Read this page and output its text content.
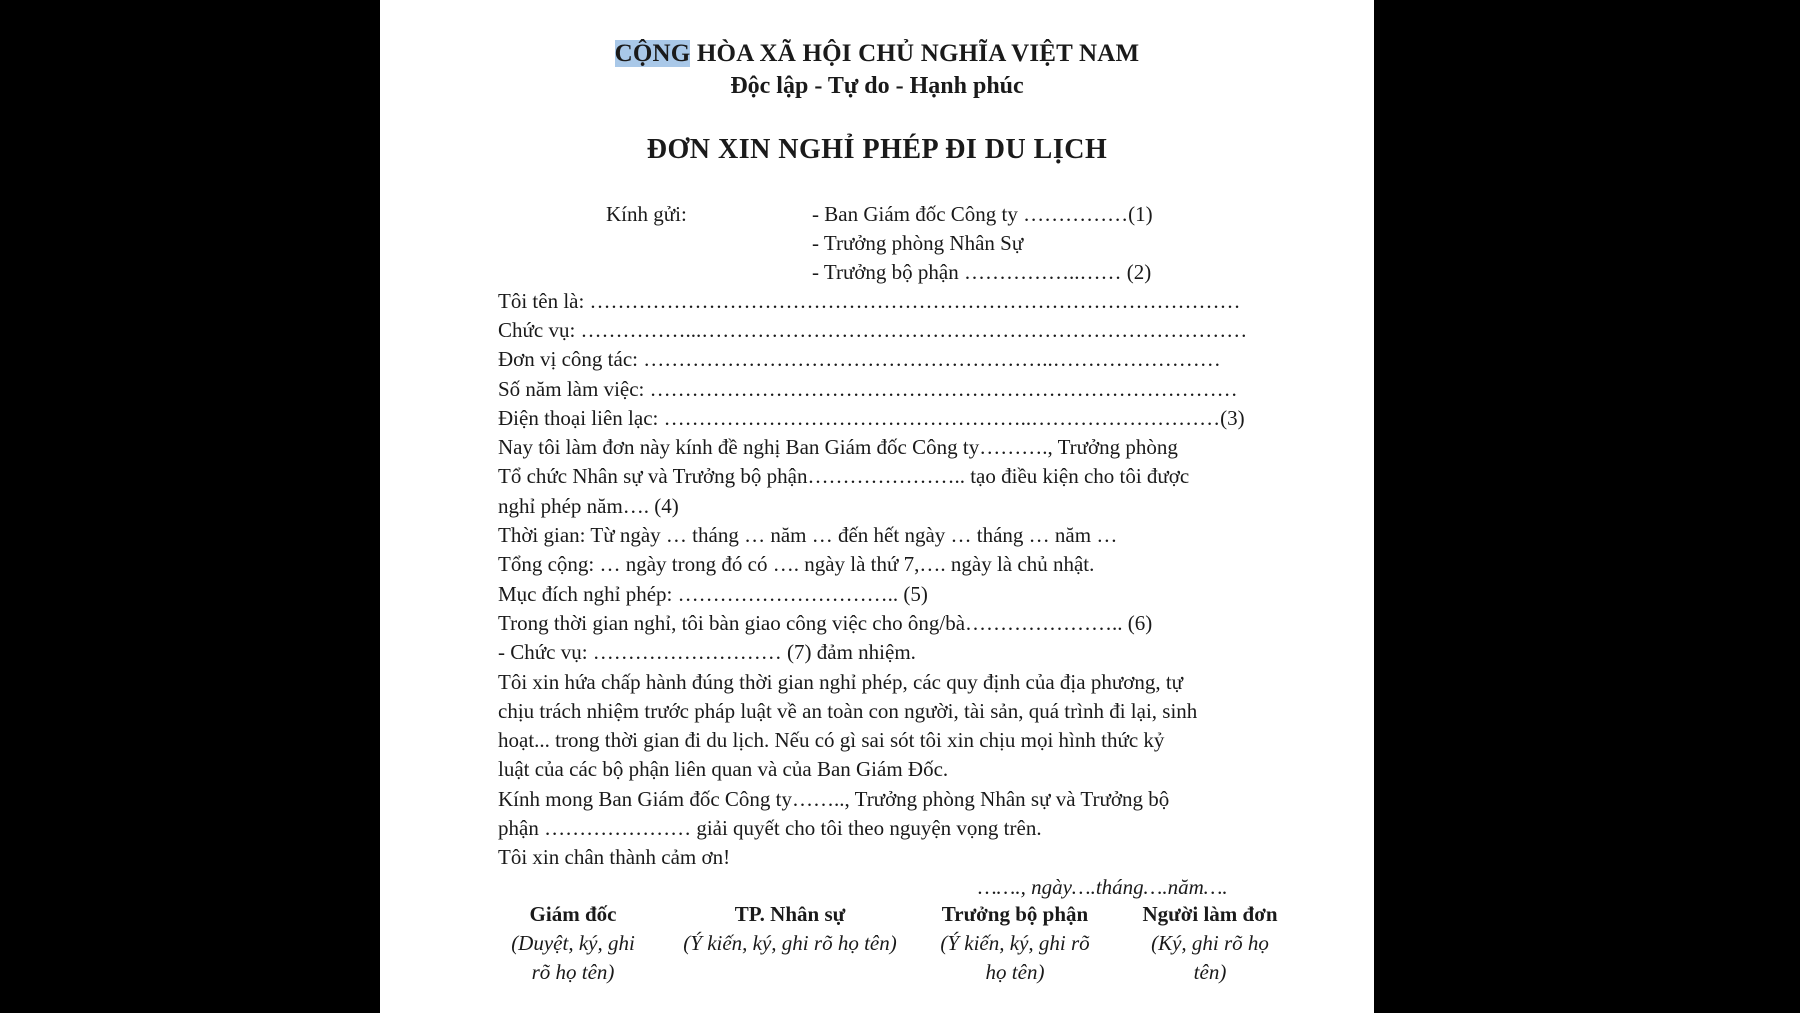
CỘNG HÒA XÃ HỘI CHỦ NGHĨA VIỆT NAM
Độc lập - Tự do - Hạnh phúc
ĐƠN XIN NGHỈ PHÉP ĐI DU LỊCH
Kính gửi:	- Ban Giám đốc Công ty ……………(1)
- Trưởng phòng Nhân Sự
- Trưởng bộ phận ……………..…… (2)
Tôi tên là: …………………………………………………………………………………
Chức vụ: ……………...……………………………………………………………………
Đơn vị công tác: …………………………………………………..……………………
Số năm làm việc: …………………………………………………………………………
Điện thoại liên lạc: ……………………………………………..………………………(3)
Nay tôi làm đơn này kính đề nghị Ban Giám đốc Công ty………., Trưởng phòng
Tổ chức Nhân sự và Trưởng bộ phận………………….. tạo điều kiện cho tôi được
nghỉ phép năm…. (4)
Thời gian: Từ ngày … tháng … năm … đến hết ngày … tháng … năm …
Tổng cộng: … ngày trong đó có …. ngày là thứ 7,…. ngày là chủ nhật.
Mục đích nghỉ phép: ………………………….. (5)
Trong thời gian nghỉ, tôi bàn giao công việc cho ông/bà………………….. (6)
- Chức vụ: ……………………… (7) đảm nhiệm.
Tôi xin hứa chấp hành đúng thời gian nghỉ phép, các quy định của địa phương, tự
chịu trách nhiệm trước pháp luật về an toàn con người, tài sản, quá trình đi lại, sinh
hoạt... trong thời gian đi du lịch. Nếu có gì sai sót tôi xin chịu mọi hình thức kỷ
luật của các bộ phận liên quan và của Ban Giám Đốc.
Kính mong Ban Giám đốc Công ty…….., Trưởng phòng Nhân sự và Trưởng bộ
phận ………………… giải quyết cho tôi theo nguyện vọng trên.
Tôi xin chân thành cảm ơn!
……., ngày….tháng….năm….
Giám đốc
(Duyệt, ký, ghi
rõ họ tên)
TP. Nhân sự
(Ý kiến, ký, ghi rõ họ tên)
Trưởng bộ phận
(Ý kiến, ký, ghi rõ
họ tên)
Người làm đơn
(Ký, ghi rõ họ
tên)
